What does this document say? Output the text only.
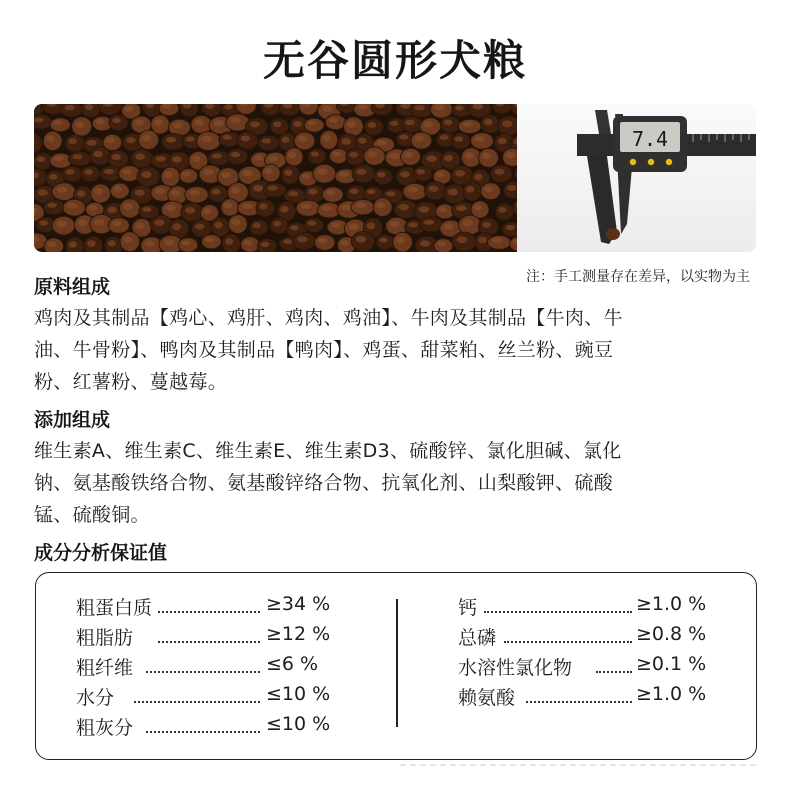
无谷圆形犬粮
7.4
注：手工测量存在差异，以实物为主
原料组成
鸡肉及其制品【鸡心、鸡肝、鸡肉、鸡油】、牛肉及其制品【牛肉、牛
油、牛骨粉】、鸭肉及其制品【鸭肉】、鸡蛋、甜菜粕、丝兰粉、豌豆
粉、红薯粉、蔓越莓。
添加组成
维生素A、维生素C、维生素E、维生素D3、硫酸锌、氯化胆碱、氯化
钠、氨基酸铁络合物、氨基酸锌络合物、抗氧化剂、山梨酸钾、硫酸
锰、硫酸铜。
成分分析保证值
粗蛋白质	≥34 %
粗脂肪	≥12 %
粗纤维	≤6 %
水分	≤10 %
粗灰分	≤10 %
钙	≥1.0 %
总磷	≥0.8 %
水溶性氯化物	≥0.1 %
赖氨酸	≥1.0 %
